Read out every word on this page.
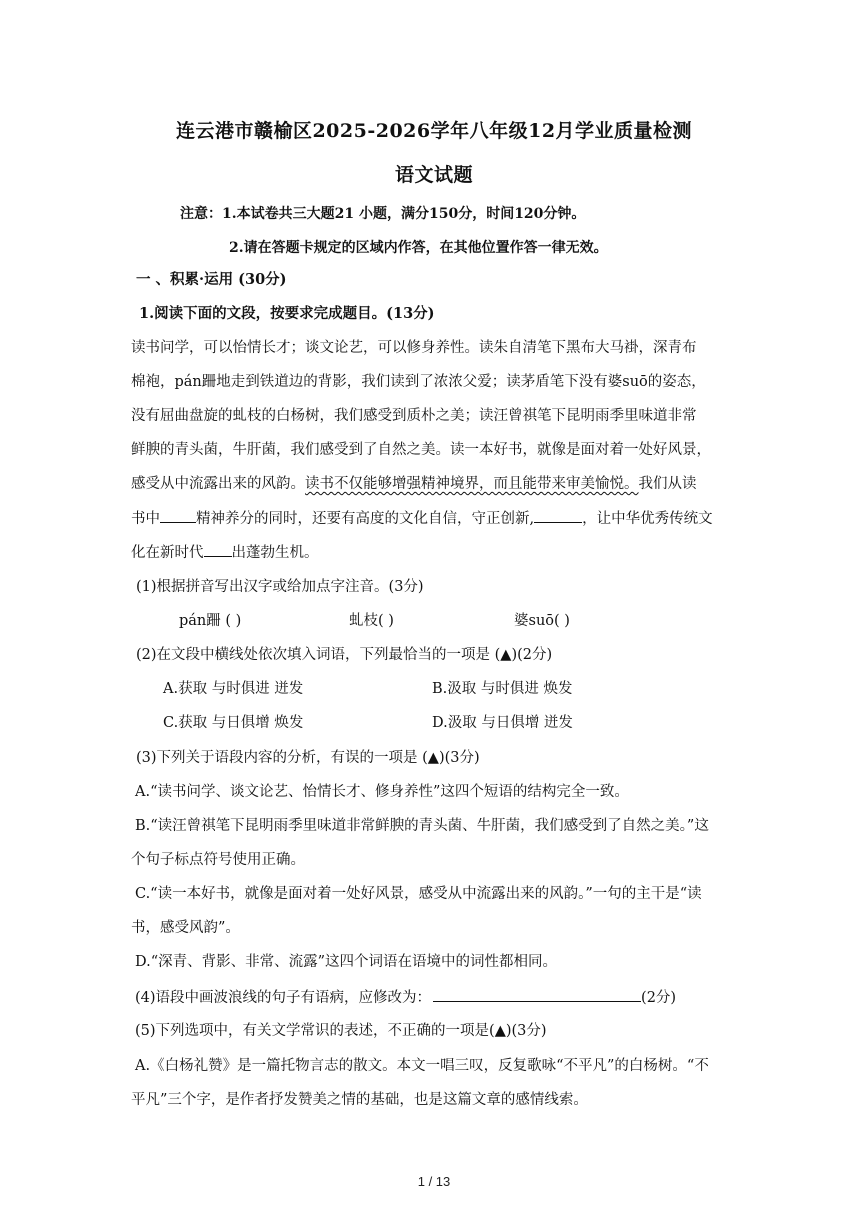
连云港市赣榆区2025-2026学年八年级12月学业质量检测
语文试题
注意：1.本试卷共三大题21 小题，满分150分，时间120分钟。
2.请在答题卡规定的区域内作答，在其他位置作答一律无效。
一 、积累·运用 (30分)
1.阅读下面的文段，按要求完成题目。(13分)
读书问学，可以怡情长才；谈文论艺，可以修身养性。读朱自清笔下黑布大马褂，深青布
棉袍，pán跚地走到铁道边的背影，我们读到了浓浓父爱；读茅盾笔下没有婆suō的姿态，
没有屈曲盘旋的虬枝的白杨树，我们感受到质朴之美；读汪曾祺笔下昆明雨季里味道非常
鲜腴的青头菌，牛肝菌，我们感受到了自然之美。读一本好书，就像是面对着一处好风景，
感受从中流露出来的风韵。读书不仅能够增强精神境界，而且能带来审美愉悦。我们从读
书中 精神养分的同时，还要有高度的文化自信，守正创新,	，让中华优秀传统文
化在新时代 出蓬勃生机。
(1)根据拼音写出汉字或给加点字注音。(3分)
pán跚 ( )	虬枝( )	婆suō( )
(2)在文段中横线处依次填入词语，下列最恰当的一项是 (▲)(2分)
A.获取 与时俱进 迸发	B.汲取 与时俱进 焕发
C.获取 与日俱增 焕发	D.汲取 与日俱增 迸发
(3)下列关于语段内容的分析，有误的一项是 (▲)(3分)
A.“读书问学、谈文论艺、怡情长才、修身养性”这四个短语的结构完全一致。
B.“读汪曾祺笔下昆明雨季里味道非常鲜腴的青头菌、牛肝菌，我们感受到了自然之美。”这
个句子标点符号使用正确。
C.“读一本好书，就像是面对着一处好风景，感受从中流露出来的风韵。”一句的主干是“读
书，感受风韵”。
D.“深青、背影、非常、流露”这四个词语在语境中的词性都相同。
(4)语段中画波浪线的句子有语病，应修改为：	(2分)
(5)下列选项中，有关文学常识的表述，不正确的一项是(▲)(3分)
A.《白杨礼赞》是一篇托物言志的散文。本文一唱三叹，反复歌咏“不平凡”的白杨树。“不
平凡”三个字，是作者抒发赞美之情的基础，也是这篇文章的感情线索。
1 / 13
